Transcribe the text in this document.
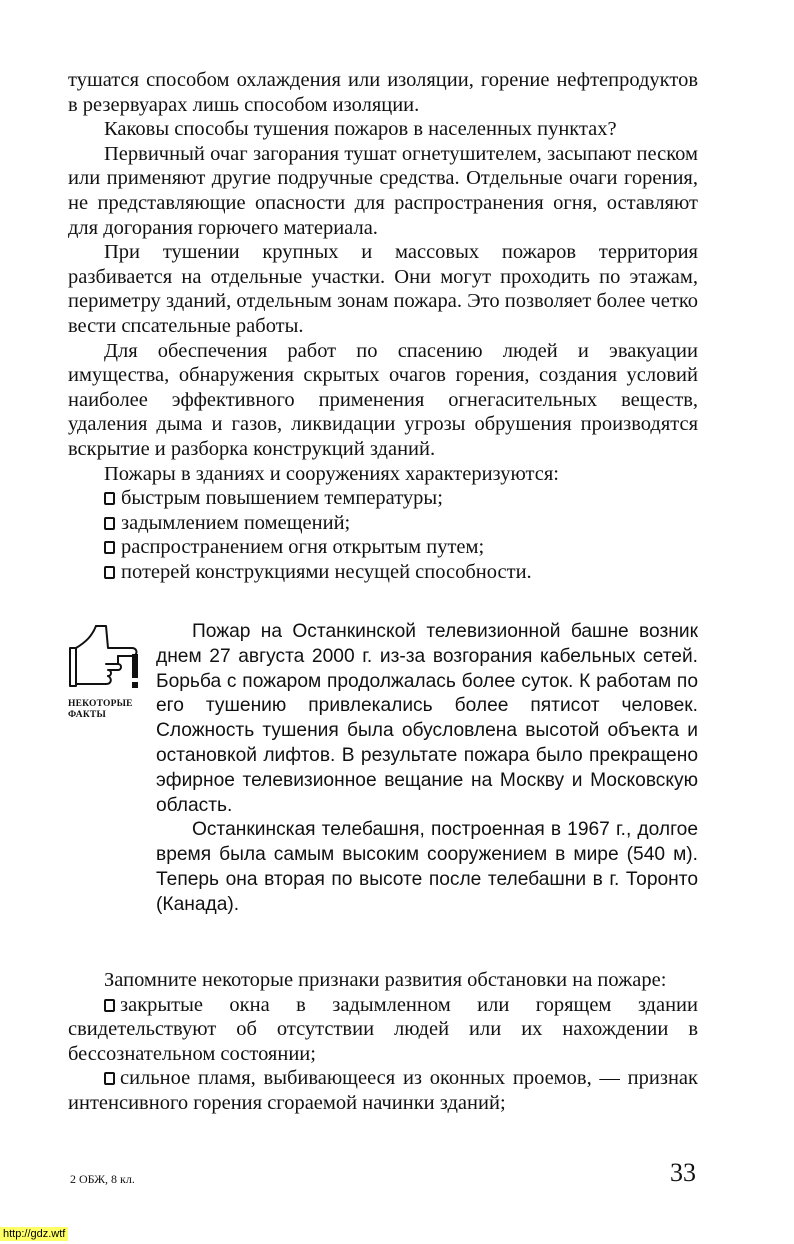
тушатся способом охлаждения или изоляции, горение нефтепродуктов в резервуарах лишь способом изоляции.

Каковы способы тушения пожаров в населенных пунктах?

Первичный очаг загорания тушат огнетушителем, засыпают песком или применяют другие подручные средства. Отдельные очаги горения, не представляющие опасности для распространения огня, оставляют для догорания горючего материала.

При тушении крупных и массовых пожаров территория разбивается на отдельные участки. Они могут проходить по этажам, периметру зданий, отдельным зонам пожара. Это позволяет более четко вести спсательные работы.

Для обеспечения работ по спасению людей и эвакуации имущества, обнаружения скрытых очагов горения, создания условий наиболее эффективного применения огнегасительных веществ, удаления дыма и газов, ликвидации угрозы обрушения производятся вскрытие и разборка конструкций зданий.

Пожары в зданиях и сооружениях характеризуются:

быстрым повышением температуры;
задымлением помещений;
распространением огня открытым путем;
потерей конструкциями несущей способности.
НЕКОТОРЫЕ ФАКТЫ

Пожар на Останкинской телевизионной башне возник днем 27 августа 2000 г. из-за возгорания кабельных сетей. Борьба с пожаром продолжалась более суток. К работам по его тушению привлекались более пятисот человек. Сложность тушения была обусловлена высотой объекта и остановкой лифтов. В результате пожара было прекращено эфирное телевизионное вещание на Москву и Московскую область.

Останкинская телебашня, построенная в 1967 г., долгое время была самым высоким сооружением в мире (540 м). Теперь она вторая по высоте после телебашни в г. Торонто (Канада).

Запомните некоторые признаки развития обстановки на пожаре:

закрытые окна в задымленном или горящем здании свидетельствуют об отсутствии людей или их нахождении в бессознательном состоянии;

сильное пламя, выбивающееся из оконных проемов, — признак интенсивного горения сгораемой начинки зданий;

2 ОБЖ, 8 кл.	33
http://gdz.wtf
